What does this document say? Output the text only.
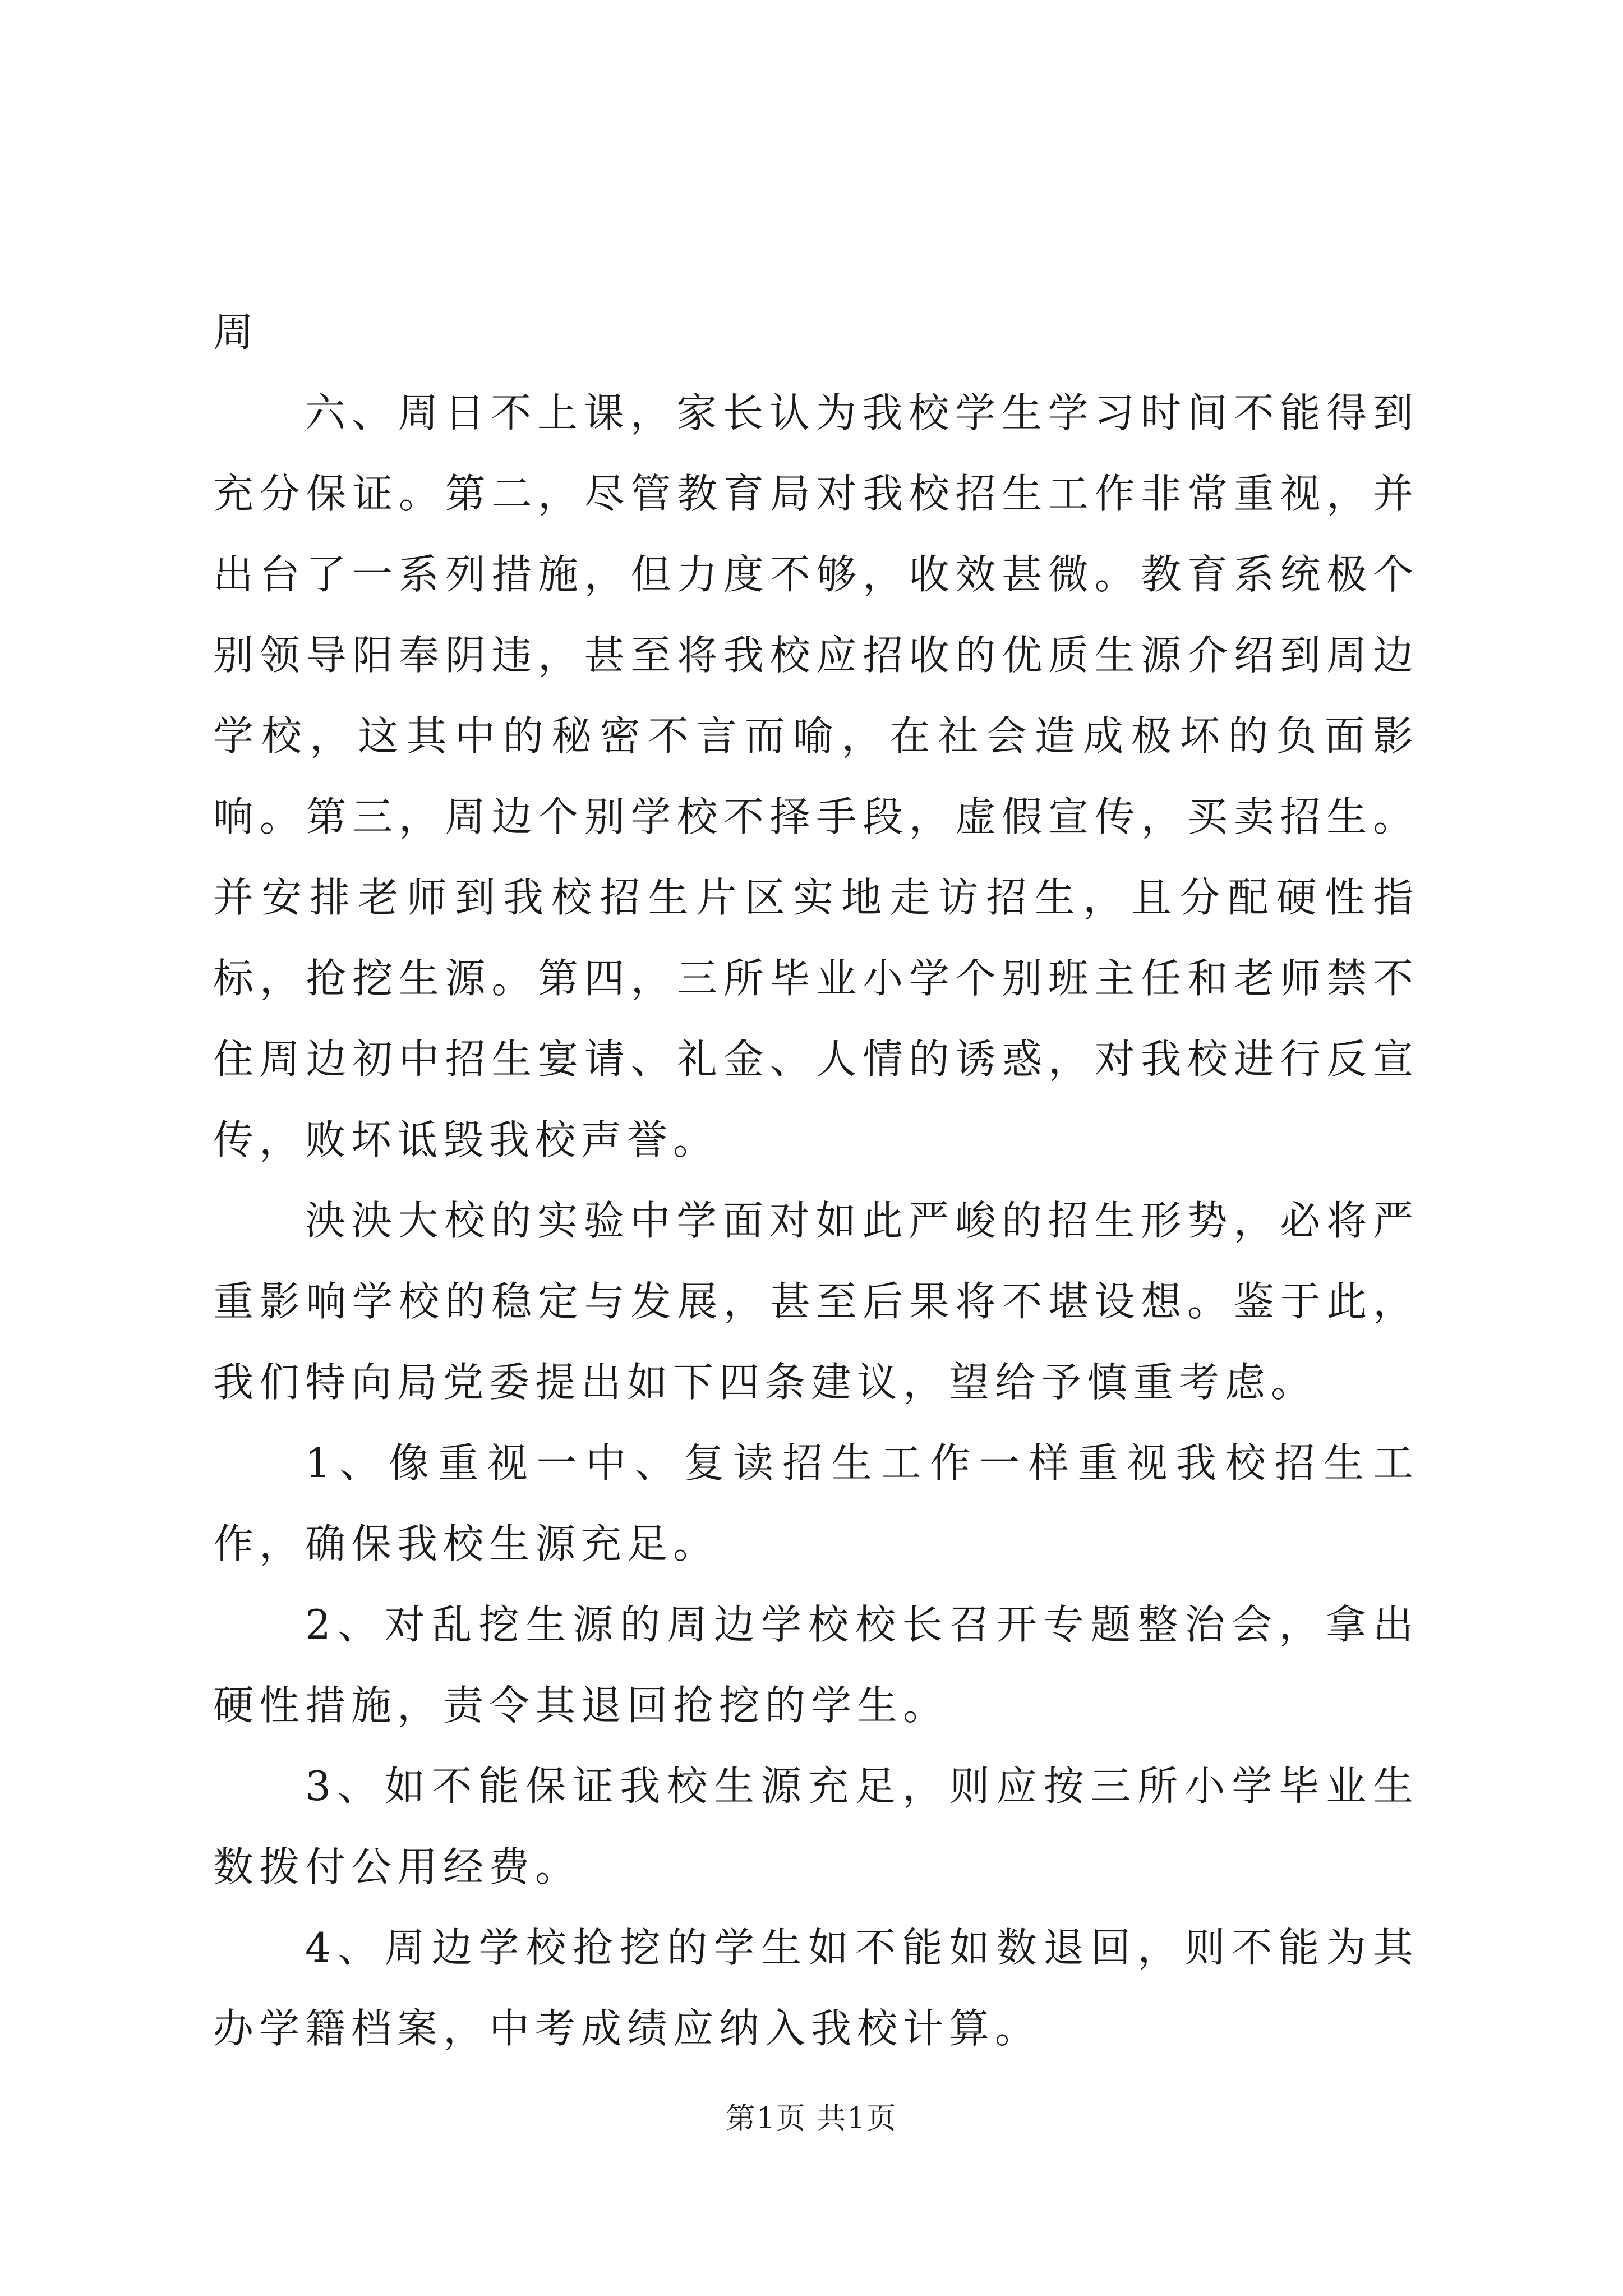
周

六、周日不上课，家长认为我校学生学习时间不能得到充分保证。第二，尽管教育局对我校招生工作非常重视，并出台了一系列措施，但力度不够，收效甚微。教育系统极个别领导阳奉阴违，甚至将我校应招收的优质生源介绍到周边学校，这其中的秘密不言而喻，在社会造成极坏的负面影响。第三，周边个别学校不择手段，虚假宣传，买卖招生。并安排老师到我校招生片区实地走访招生，且分配硬性指标，抢挖生源。第四，三所毕业小学个别班主任和老师禁不住周边初中招生宴请、礼金、人情的诱惑，对我校进行反宣传，败坏诋毁我校声誉。

泱泱大校的实验中学面对如此严峻的招生形势，必将严重影响学校的稳定与发展，甚至后果将不堪设想。鉴于此，我们特向局党委提出如下四条建议，望给予慎重考虑。

1、像重视一中、复读招生工作一样重视我校招生工作，确保我校生源充足。

2、对乱挖生源的周边学校校长召开专题整治会，拿出硬性措施，责令其退回抢挖的学生。

3、如不能保证我校生源充足，则应按三所小学毕业生数拨付公用经费。

4、周边学校抢挖的学生如不能如数退回，则不能为其办学籍档案，中考成绩应纳入我校计算。

第1页 共1页
